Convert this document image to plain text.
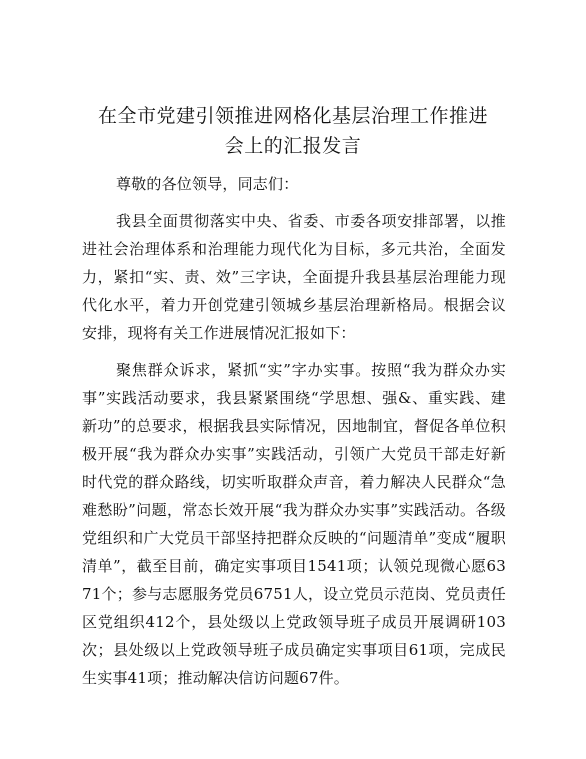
在全市党建引领推进网格化基层治理工作推进
会上的汇报发言

尊敬的各位领导，同志们：

我县全面贯彻落实中央、省委、市委各项安排部署，以推进社会治理体系和治理能力现代化为目标，多元共治，全面发力，紧扣“实、责、效”三字诀，全面提升我县基层治理能力现代化水平，着力开创党建引领城乡基层治理新格局。根据会议安排，现将有关工作进展情况汇报如下：

聚焦群众诉求，紧抓“实”字办实事。按照“我为群众办实事”实践活动要求，我县紧紧围绕“学思想、强&、重实践、建新功”的总要求，根据我县实际情况，因地制宜，督促各单位积极开展“我为群众办实事”实践活动，引领广大党员干部走好新时代党的群众路线，切实听取群众声音，着力解决人民群众“急难愁盼”问题，常态长效开展“我为群众办实事”实践活动。各级党组织和广大党员干部坚持把群众反映的“问题清单”变成“履职清单”，截至目前，确定实事项目1541项；认领兑现微心愿6371个；参与志愿服务党员6751人，设立党员示范岗、党员责任区党组织412个，县处级以上党政领导班子成员开展调研103次；县处级以上党政领导班子成员确定实事项目61项，完成民生实事41项；推动解决信访问题67件。
